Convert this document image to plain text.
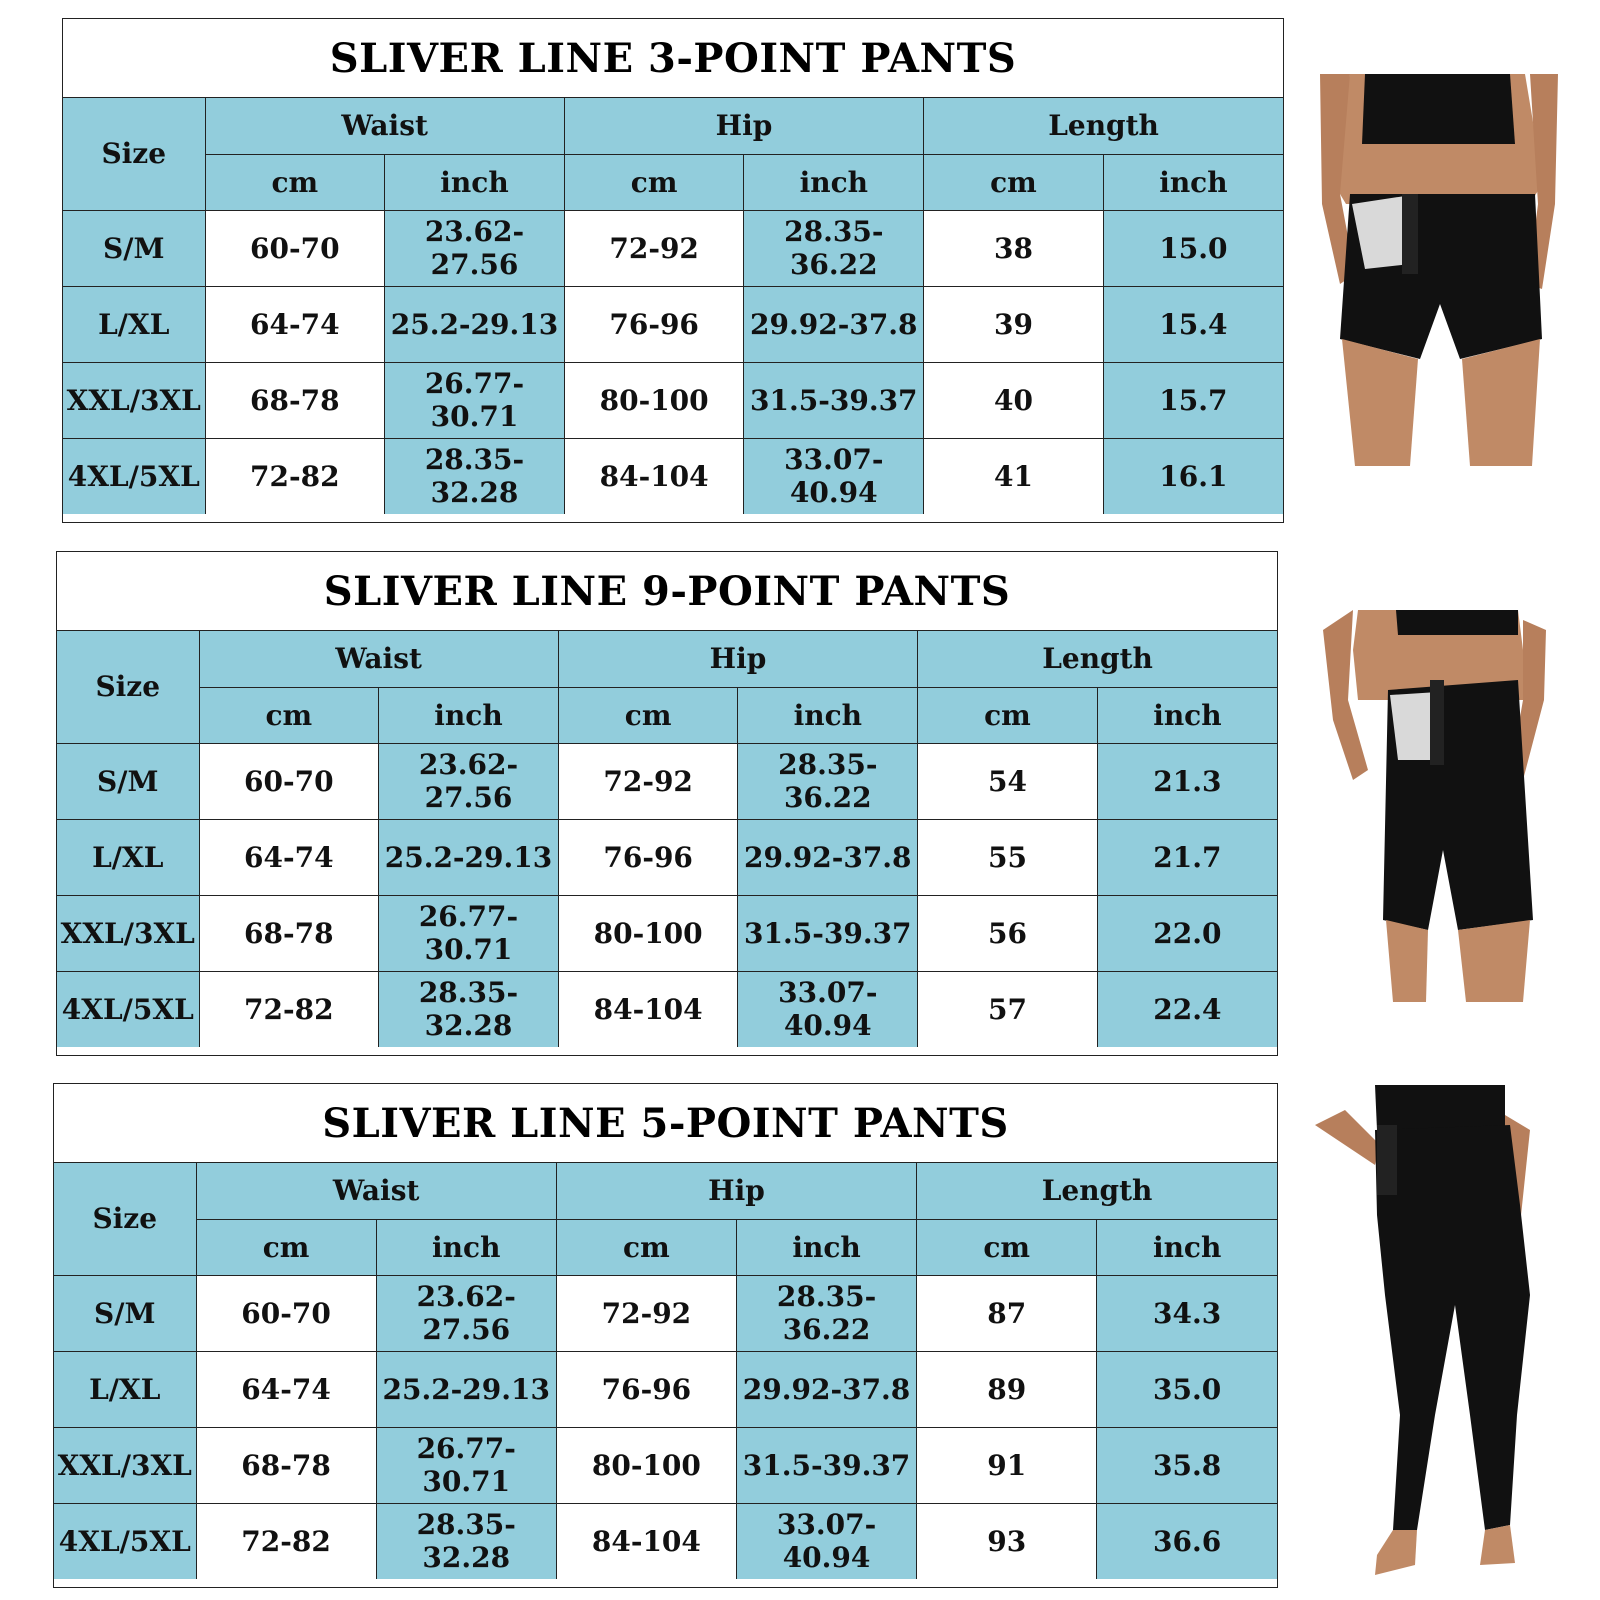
SLIVER LINE 3-POINT PANTS
Size	Waist		Hip		Length	
	cm	inch	cm	inch	cm	inch
S/M	60-70	23.62-27.56	72-92	28.35-36.22	38	15.0
L/XL	64-74	25.2-29.13	76-96	29.92-37.8	39	15.4
XXL/3XL	68-78	26.77-30.71	80-100	31.5-39.37	40	15.7
4XL/5XL	72-82	28.35-32.28	84-104	33.07-40.94	41	16.1
SLIVER LINE 9-POINT PANTS
Size	Waist		Hip		Length	
	cm	inch	cm	inch	cm	inch
S/M	60-70	23.62-27.56	72-92	28.35-36.22	54	21.3
L/XL	64-74	25.2-29.13	76-96	29.92-37.8	55	21.7
XXL/3XL	68-78	26.77-30.71	80-100	31.5-39.37	56	22.0
4XL/5XL	72-82	28.35-32.28	84-104	33.07-40.94	57	22.4
SLIVER LINE 5-POINT PANTS
Size	Waist		Hip		Length	
	cm	inch	cm	inch	cm	inch
S/M	60-70	23.62-27.56	72-92	28.35-36.22	87	34.3
L/XL	64-74	25.2-29.13	76-96	29.92-37.8	89	35.0
XXL/3XL	68-78	26.77-30.71	80-100	31.5-39.37	91	35.8
4XL/5XL	72-82	28.35-32.28	84-104	33.07-40.94	93	36.6
